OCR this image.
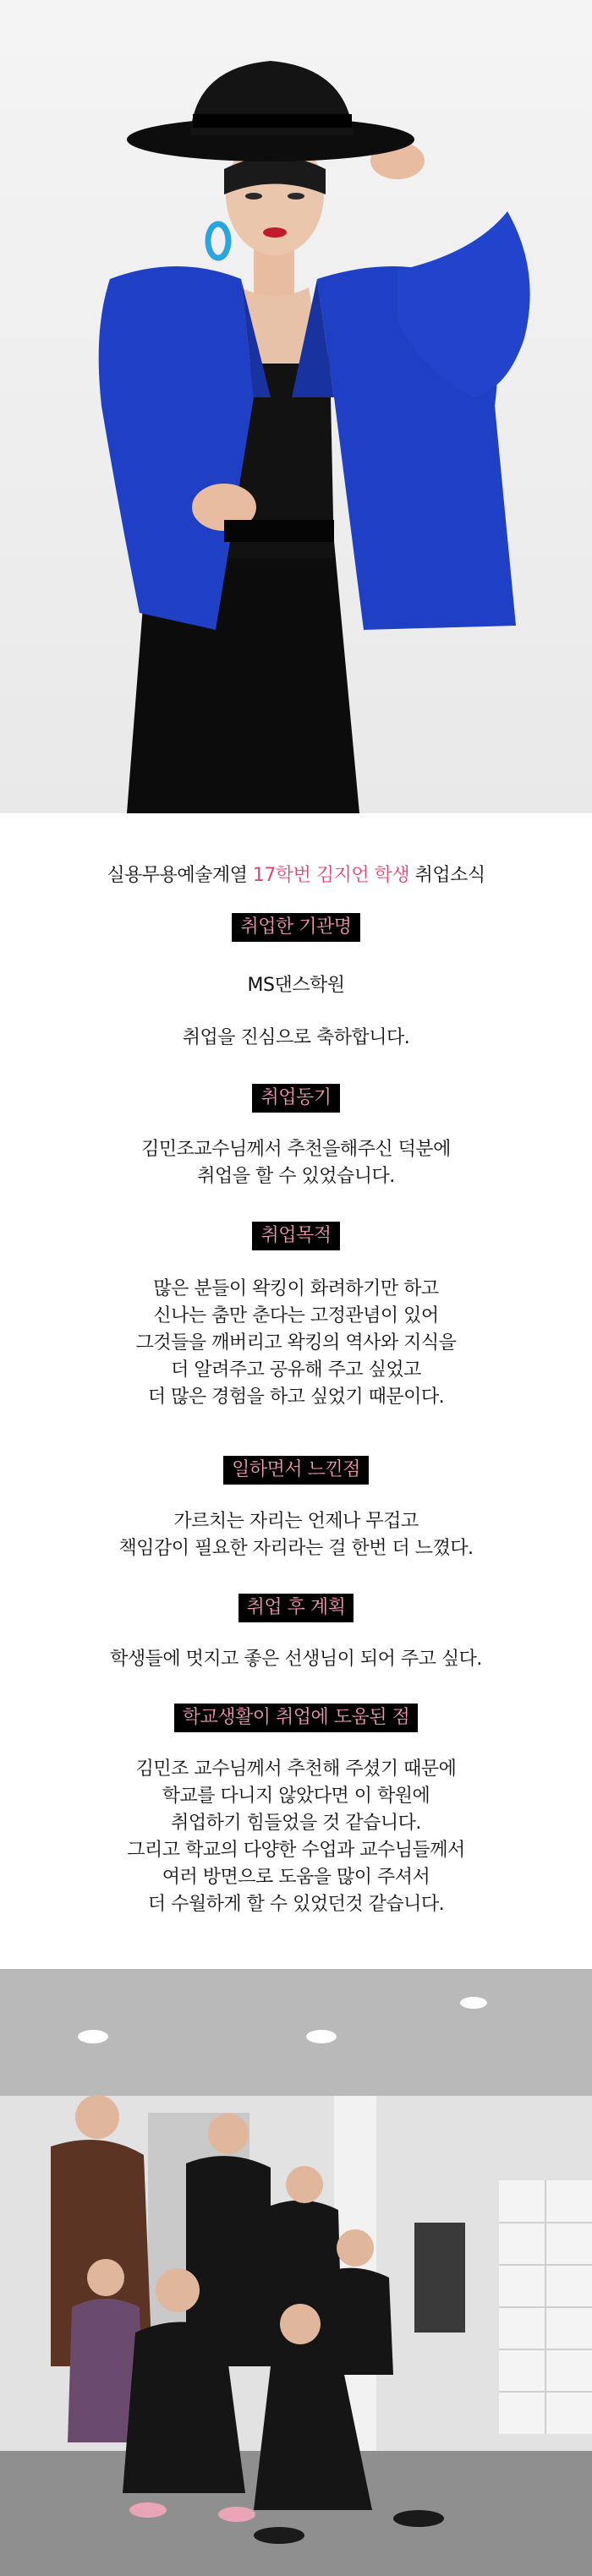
실용무용예술계열 17학번 김지언 학생 취업소식
취업한 기관명

MS댄스학원

취업을 진심으로 축하합니다.

취업동기

김민조교수님께서 추천을해주신 덕분에
취업을 할 수 있었습니다.

취업목적

많은 분들이 왁킹이 화려하기만 하고
신나는 춤만 춘다는 고정관념이 있어
그것들을 깨버리고 왁킹의 역사와 지식을
더 알려주고 공유해 주고 싶었고
더 많은 경험을 하고 싶었기 때문이다.

일하면서 느낀점

가르치는 자리는 언제나 무겁고
책임감이 필요한 자리라는 걸 한번 더 느꼈다.

취업 후 계획

학생들에 멋지고 좋은 선생님이 되어 주고 싶다.

학교생활이 취업에 도움된 점

김민조 교수님께서 추천해 주셨기 때문에
학교를 다니지 않았다면 이 학원에
취업하기 힘들었을 것 같습니다.
그리고 학교의 다양한 수업과 교수님들께서
여러 방면으로 도움을 많이 주셔서
더 수월하게 할 수 있었던것 같습니다.
